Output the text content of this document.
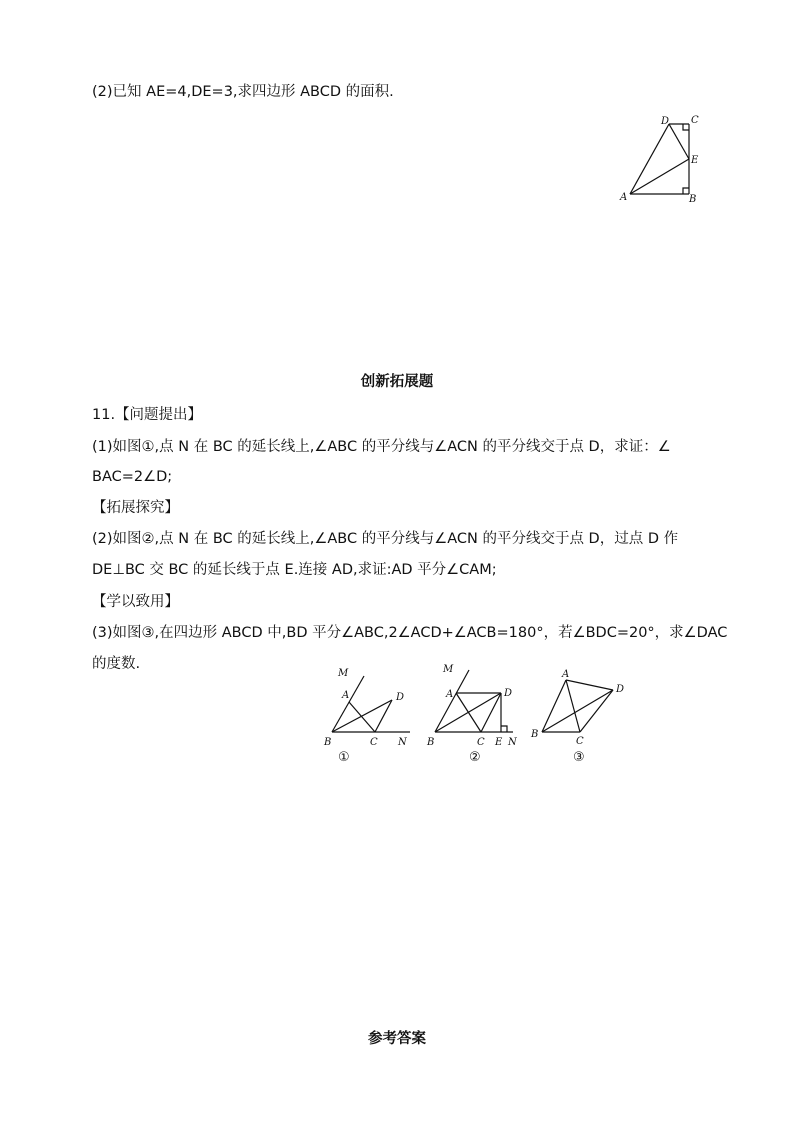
(2)已知 AE=4,DE=3,求四边形 ABCD 的面积.
D C
E
A	B
创新拓展题
11.【问题提出】
(1)如图①,点 N 在 BC 的延长线上,∠ABC 的平分线与∠ACN 的平分线交于点 D，求证：∠
BAC=2∠D;
【拓展探究】
(2)如图②,点 N 在 BC 的延长线上,∠ABC 的平分线与∠ACN 的平分线交于点 D，过点 D 作
DE⊥BC 交 BC 的延长线于点 E.连接 AD,求证:AD 平分∠CAM;
【学以致用】
(3)如图③,在四边形 ABCD 中,BD 平分∠ABC,2∠ACD+∠ACB=180°，若∠BDC=20°，求∠DAC
的度数.
M
A	D
B	C N
①
M
A	D
B	C E N
②
A
D
B
C
③
参考答案
